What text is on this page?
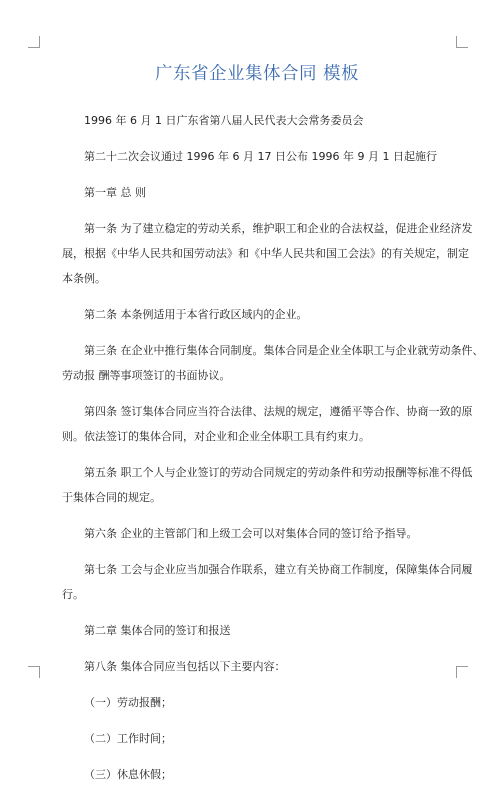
广东省企业集体合同 模板
1996 年 6 月 1 日广东省第八届人民代表大会常务委员会
第二十二次会议通过 1996 年 6 月 17 日公布 1996 年 9 月 1 日起施行
第一章 总 则
第一条 为了建立稳定的劳动关系，维护职工和企业的合法权益，促进企业经济发
展，根据《中华人民共和国劳动法》和《中华人民共和国工会法》的有关规定，制定
本条例。
第二条 本条例适用于本省行政区域内的企业。
第三条 在企业中推行集体合同制度。集体合同是企业全体职工与企业就劳动条件、
劳动报 酬等事项签订的书面协议。
第四条 签订集体合同应当符合法律、法规的规定，遵循平等合作、协商一致的原
则。依法签订的集体合同，对企业和企业全体职工具有约束力。
第五条 职工个人与企业签订的劳动合同规定的劳动条件和劳动报酬等标准不得低
于集体合同的规定。
第六条 企业的主管部门和上级工会可以对集体合同的签订给予指导。
第七条 工会与企业应当加强合作联系，建立有关协商工作制度，保障集体合同履
行。
第二章 集体合同的签订和报送
第八条 集体合同应当包括以下主要内容：
（一）劳动报酬；
（二）工作时间；
（三）休息休假；
